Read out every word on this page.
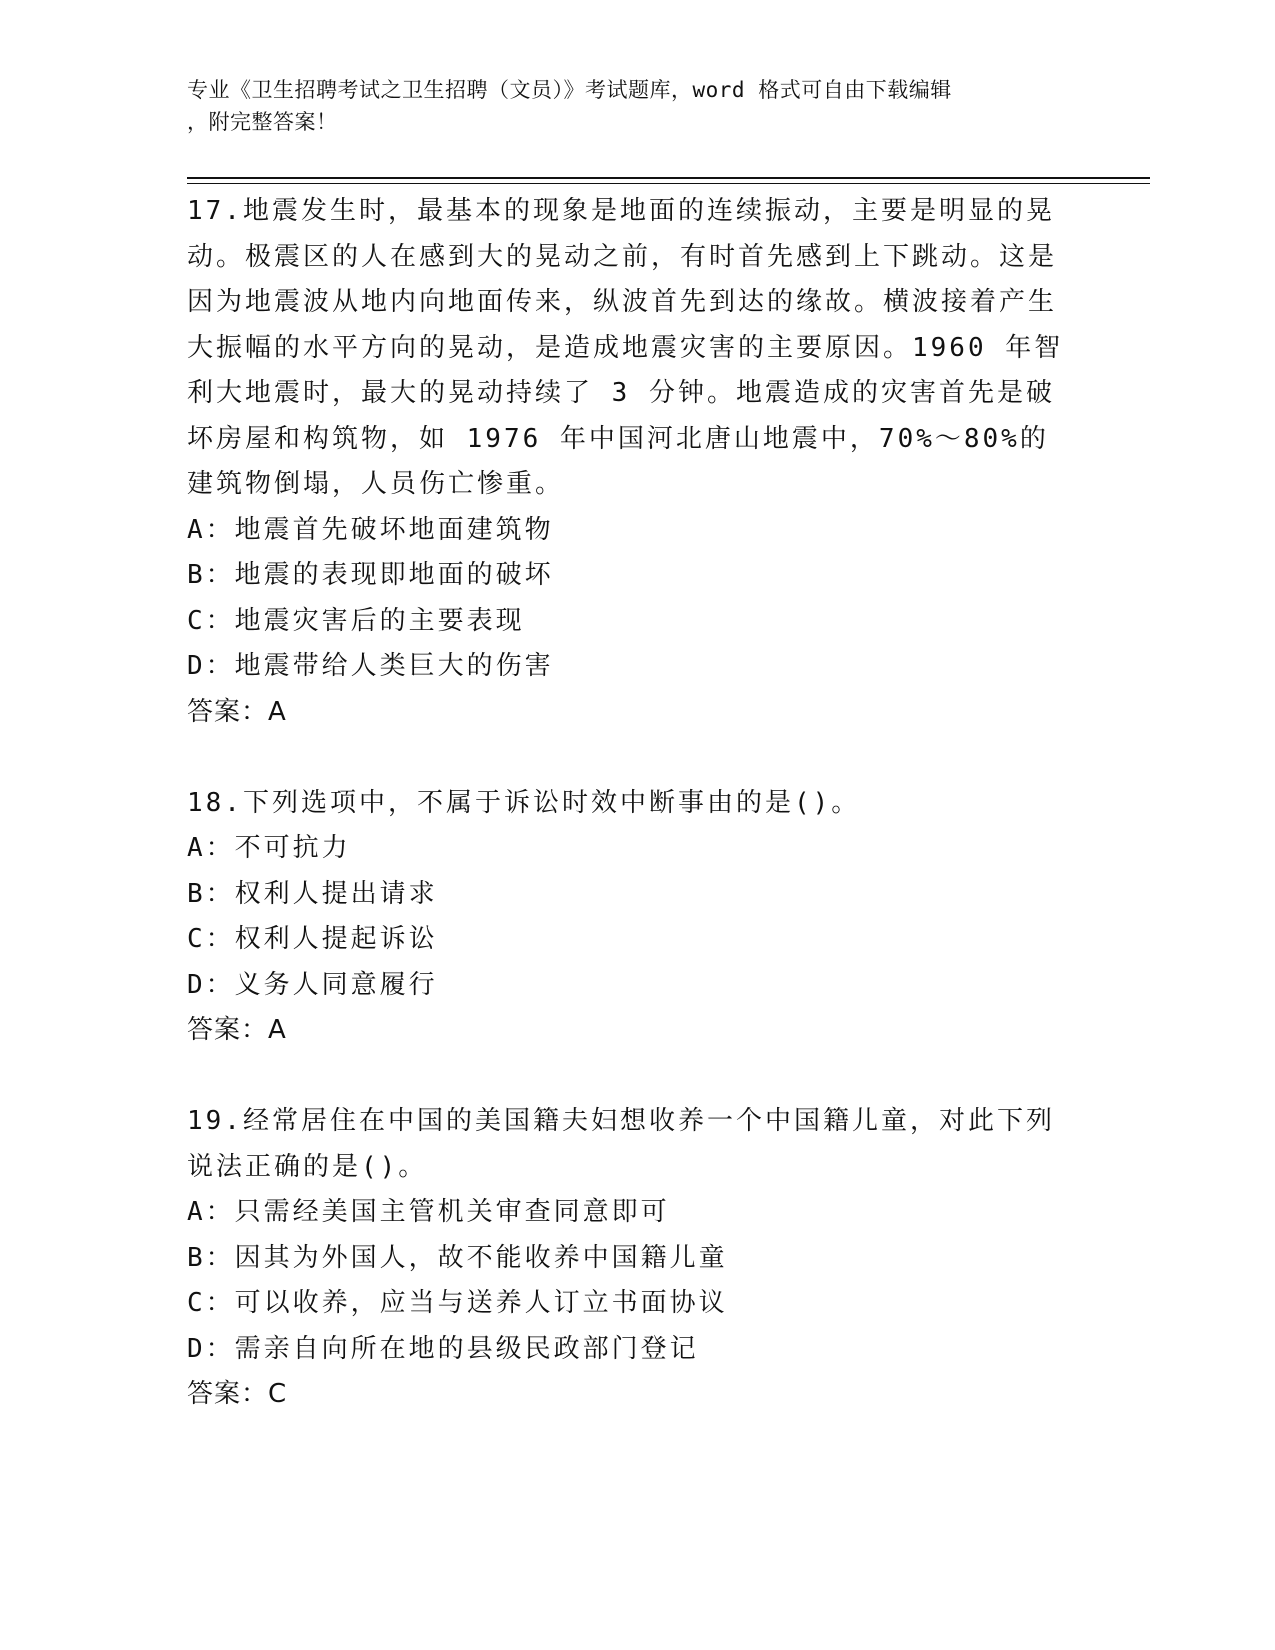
专业《卫生招聘考试之卫生招聘（文员）》考试题库，word 格式可自由下载编辑

，附完整答案！

17.地震发生时，最基本的现象是地面的连续振动，主要是明显的晃动。极震区的人在感到大的晃动之前，有时首先感到上下跳动。这是因为地震波从地内向地面传来，纵波首先到达的缘故。横波接着产生大振幅的水平方向的晃动，是造成地震灾害的主要原因。1960 年智利大地震时，最大的晃动持续了 3 分钟。地震造成的灾害首先是破坏房屋和构筑物，如 1976 年中国河北唐山地震中，70%～80%的建筑物倒塌，人员伤亡惨重。

A：地震首先破坏地面建筑物

B：地震的表现即地面的破坏

C：地震灾害后的主要表现

D：地震带给人类巨大的伤害

答案：A

18.下列选项中，不属于诉讼时效中断事由的是()。

A：不可抗力

B：权利人提出请求

C：权利人提起诉讼

D：义务人同意履行

答案：A

19.经常居住在中国的美国籍夫妇想收养一个中国籍儿童，对此下列说法正确的是()。

A：只需经美国主管机关审查同意即可

B：因其为外国人，故不能收养中国籍儿童

C：可以收养，应当与送养人订立书面协议

D：需亲自向所在地的县级民政部门登记

答案：C
